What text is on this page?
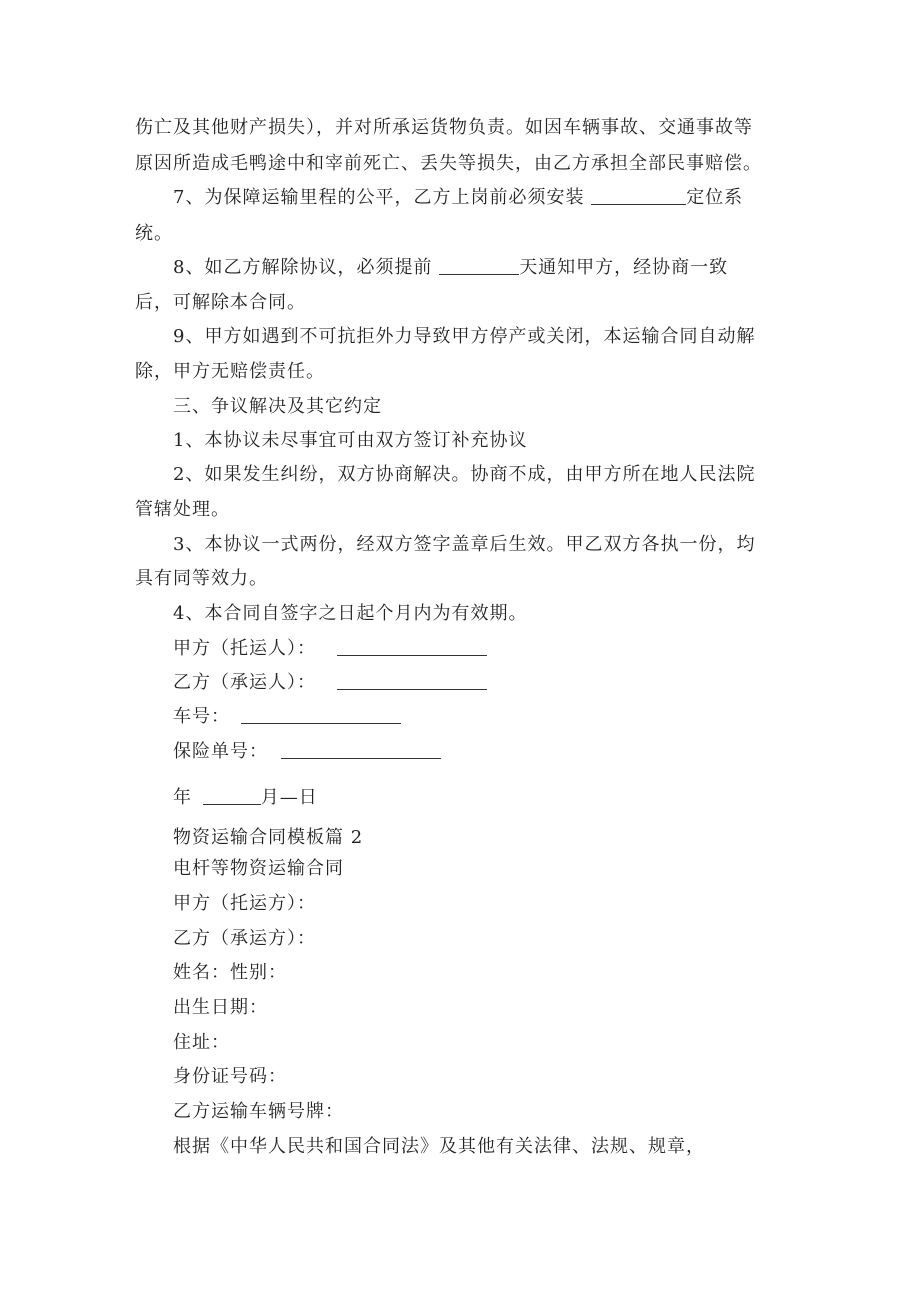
伤亡及其他财产损失），并对所承运货物负责。如因车辆事故、交通事故等
原因所造成毛鸭途中和宰前死亡、丢失等损失，由乙方承担全部民事赔偿。
7、为保障运输里程的公平，乙方上岗前必须安装	定位系
统。
8、如乙方解除协议，必须提前	天通知甲方，经协商一致
后，可解除本合同。
9、甲方如遇到不可抗拒外力导致甲方停产或关闭，本运输合同自动解
除，甲方无赔偿责任。
三、争议解决及其它约定
1、本协议未尽事宜可由双方签订补充协议
2、如果发生纠纷，双方协商解决。协商不成，由甲方所在地人民法院
管辖处理。
3、本协议一式两份，经双方签字盖章后生效。甲乙双方各执一份，均
具有同等效力。
4、本合同自签字之日起个月内为有效期。
甲方（托运人）：
乙方（承运人）：
车号：
保险单号：
年	月—日
物资运输合同模板篇 2
电杆等物资运输合同
甲方（托运方）：
乙方（承运方）：
姓名：性别：
出生日期：
住址：
身份证号码：
乙方运输车辆号牌：
根据《中华人民共和国合同法》及其他有关法律、法规、规章，
